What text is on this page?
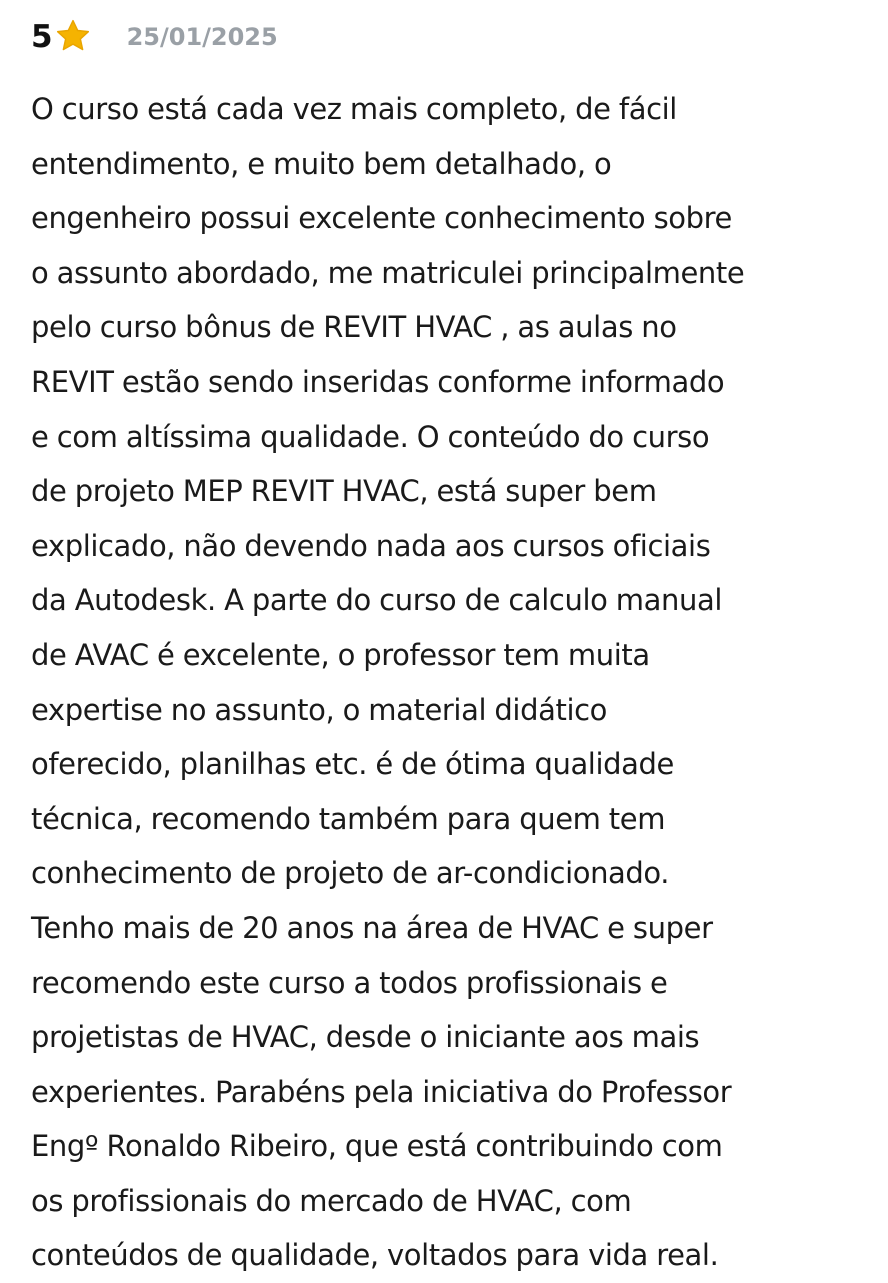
5	25/01/2025
O curso está cada vez mais completo, de fácil
entendimento, e muito bem detalhado, o
engenheiro possui excelente conhecimento sobre
o assunto abordado, me matriculei principalmente
pelo curso bônus de REVIT HVAC , as aulas no
REVIT estão sendo inseridas conforme informado
e com altíssima qualidade. O conteúdo do curso
de projeto MEP REVIT HVAC, está super bem
explicado, não devendo nada aos cursos oficiais
da Autodesk. A parte do curso de calculo manual
de AVAC é excelente, o professor tem muita
expertise no assunto, o material didático
oferecido, planilhas etc. é de ótima qualidade
técnica, recomendo também para quem tem
conhecimento de projeto de ar-condicionado.
Tenho mais de 20 anos na área de HVAC e super
recomendo este curso a todos profissionais e
projetistas de HVAC, desde o iniciante aos mais
experientes. Parabéns pela iniciativa do Professor
Engº Ronaldo Ribeiro, que está contribuindo com
os profissionais do mercado de HVAC, com
conteúdos de qualidade, voltados para vida real.
